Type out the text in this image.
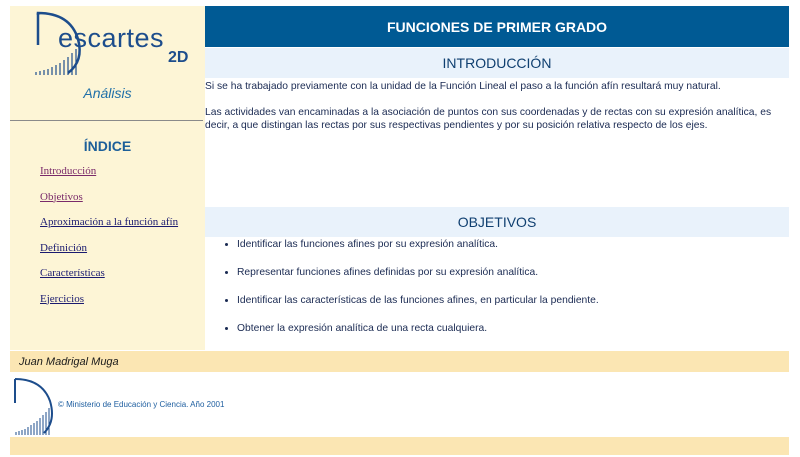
escartes
2D
Análisis
ÍNDICE
Introducción
Objetivos
Aproximación a la función afín
Definición
Características
Ejercicios
FUNCIONES DE PRIMER GRADO
INTRODUCCIÓN

Si se ha trabajado previamente con la unidad de la Función Lineal el paso a la función afín resultará muy natural.

Las actividades van encaminadas a la asociación de puntos con sus coordenadas y de rectas con su expresión analítica, es decir, a que distingan las rectas por sus respectivas pendientes y por su posición relativa respecto de los ejes.

OBJETIVOS
• Identificar las funciones afines por su expresión analítica.
• Representar funciones afines definidas por su expresión analítica.
• Identificar las características de las funciones afines, en particular la pendiente.
• Obtener la expresión analítica de una recta cualquiera.
Juan Madrigal Muga
© Ministerio de Educación y Ciencia. Año 2001
